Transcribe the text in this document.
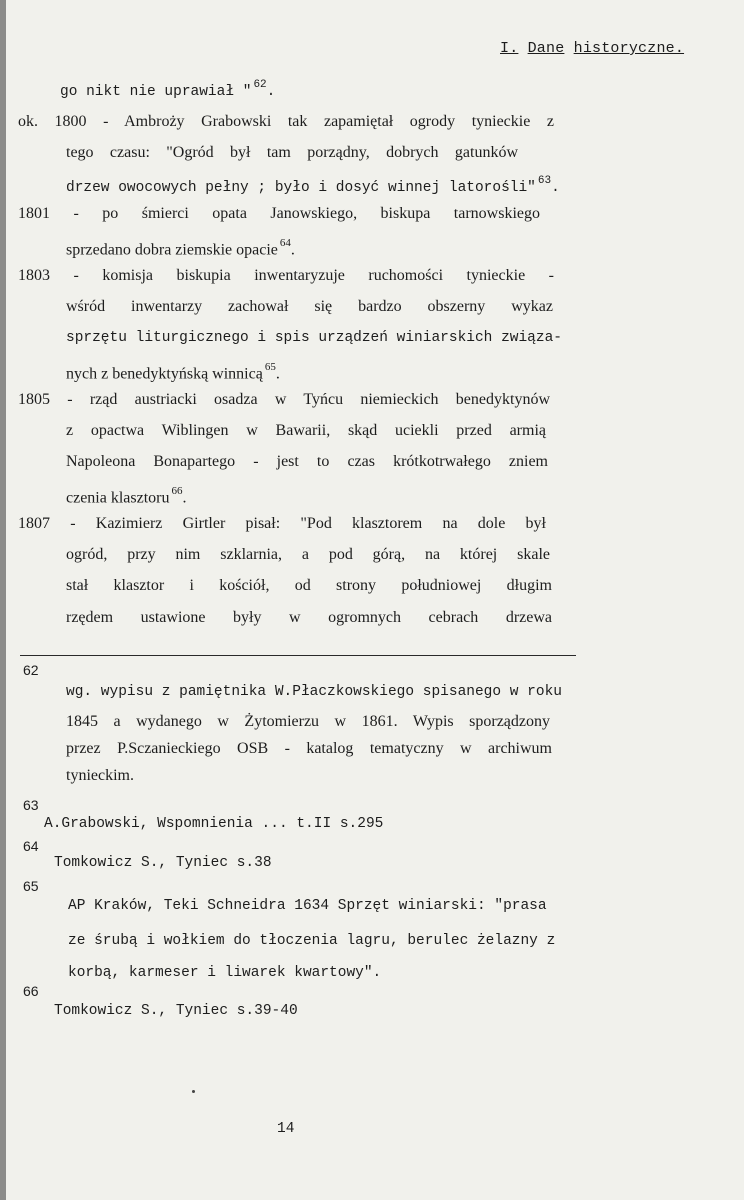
I. Dane historyczne.
go nikt nie uprawiał " $^{62}$.
ok. 1800 - Ambroży Grabowski tak zapamiętał ogrody tynieckie z
tego czasu: "Ogród był tam porządny, dobrych gatunków
drzew owocowych pełny ; było i dosyć winnej latorośli" $^{63}$.
1801 - po śmierci opata Janowskiego, biskupa tarnowskiego
sprzedano dobra ziemskie opacie $^{64}$.
1803 - komisja biskupia inwentaryzuje ruchomości tynieckie -
wśród inwentarzy zachował się bardzo obszerny wykaz
sprzętu liturgicznego i spis urządzeń winiarskich związa-
nych z benedyktyńską winnicą $^{65}$.
1805 - rząd austriacki osadza w Tyńcu niemieckich benedyktynów
z opactwa Wiblingen w Bawarii, skąd uciekli przed armią
Napoleona Bonapartego - jest to czas krótkotrwałego zniem
czenia klasztoru $^{66}$.
1807 - Kazimierz Girtler pisał: "Pod klasztorem na dole był
ogród, przy nim szklarnia, a pod górą, na której skale
stał klasztor i kościół, od strony południowej długim
rzędem ustawione były w ogromnych cebrach drzewa
62
wg. wypisu z pamiętnika W.Płaczkowskiego spisanego w roku
1845 a wydanego w Żytomierzu w 1861. Wypis sporządzony
przez P.Sczanieckiego OSB - katalog tematyczny w archiwum
tynieckim.
63
A.Grabowski, Wspomnienia ... t.II s.295
64
Tomkowicz S., Tyniec s.38
65
AP Kraków, Teki Schneidra 1634 Sprzęt winiarski: "prasa
ze śrubą i wołkiem do tłoczenia lagru, berulec żelazny z
korbą, karmeser i liwarek kwartowy".
66
Tomkowicz S., Tyniec s.39-40
14
